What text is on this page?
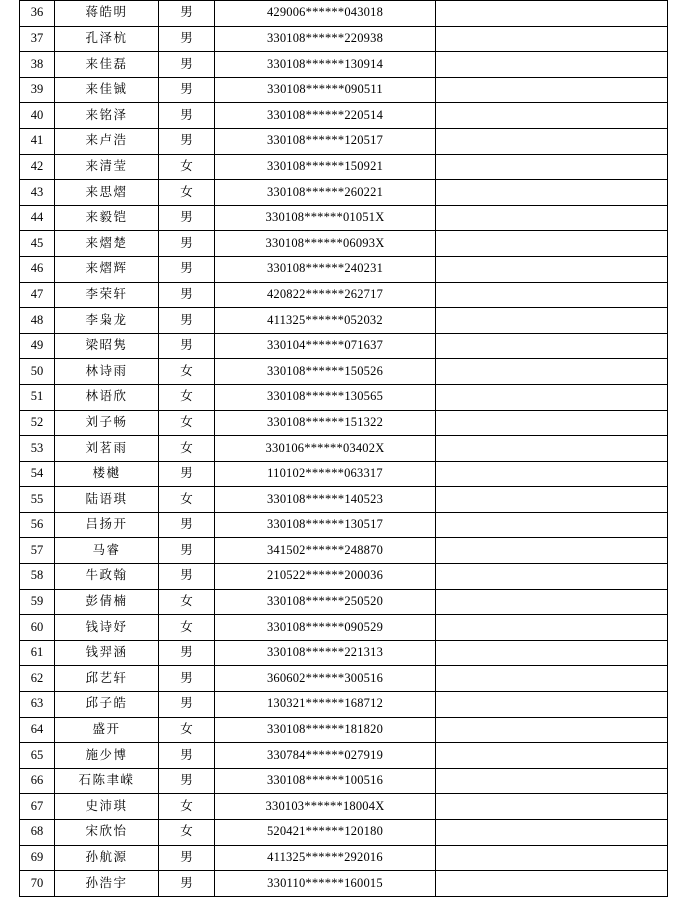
36	蒋皓明	男	429006******043018	
37	孔泽杭	男	330108******220938	
38	来佳磊	男	330108******130914	
39	来佳铖	男	330108******090511	
40	来铭泽	男	330108******220514	
41	来卢浩	男	330108******120517	
42	来清莹	女	330108******150921	
43	来思熠	女	330108******260221	
44	来毅铠	男	330108******01051X	
45	来熠楚	男	330108******06093X	
46	来熠辉	男	330108******240231	
47	李荣轩	男	420822******262717	
48	李枭龙	男	411325******052032	
49	梁昭隽	男	330104******071637	
50	林诗雨	女	330108******150526	
51	林语欣	女	330108******130565	
52	刘子畅	女	330108******151322	
53	刘茗雨	女	330106******03402X	
54	楼樾	男	110102******063317	
55	陆语琪	女	330108******140523	
56	吕扬开	男	330108******130517	
57	马睿	男	341502******248870	
58	牛政翰	男	210522******200036	
59	彭倩楠	女	330108******250520	
60	钱诗妤	女	330108******090529	
61	钱羿涵	男	330108******221313	
62	邱艺轩	男	360602******300516	
63	邱子皓	男	130321******168712	
64	盛开	女	330108******181820	
65	施少博	男	330784******027919	
66	石陈聿嵘	男	330108******100516	
67	史沛琪	女	330103******18004X	
68	宋欣怡	女	520421******120180	
69	孙航源	男	411325******292016	
70	孙浩宇	男	330110******160015	
